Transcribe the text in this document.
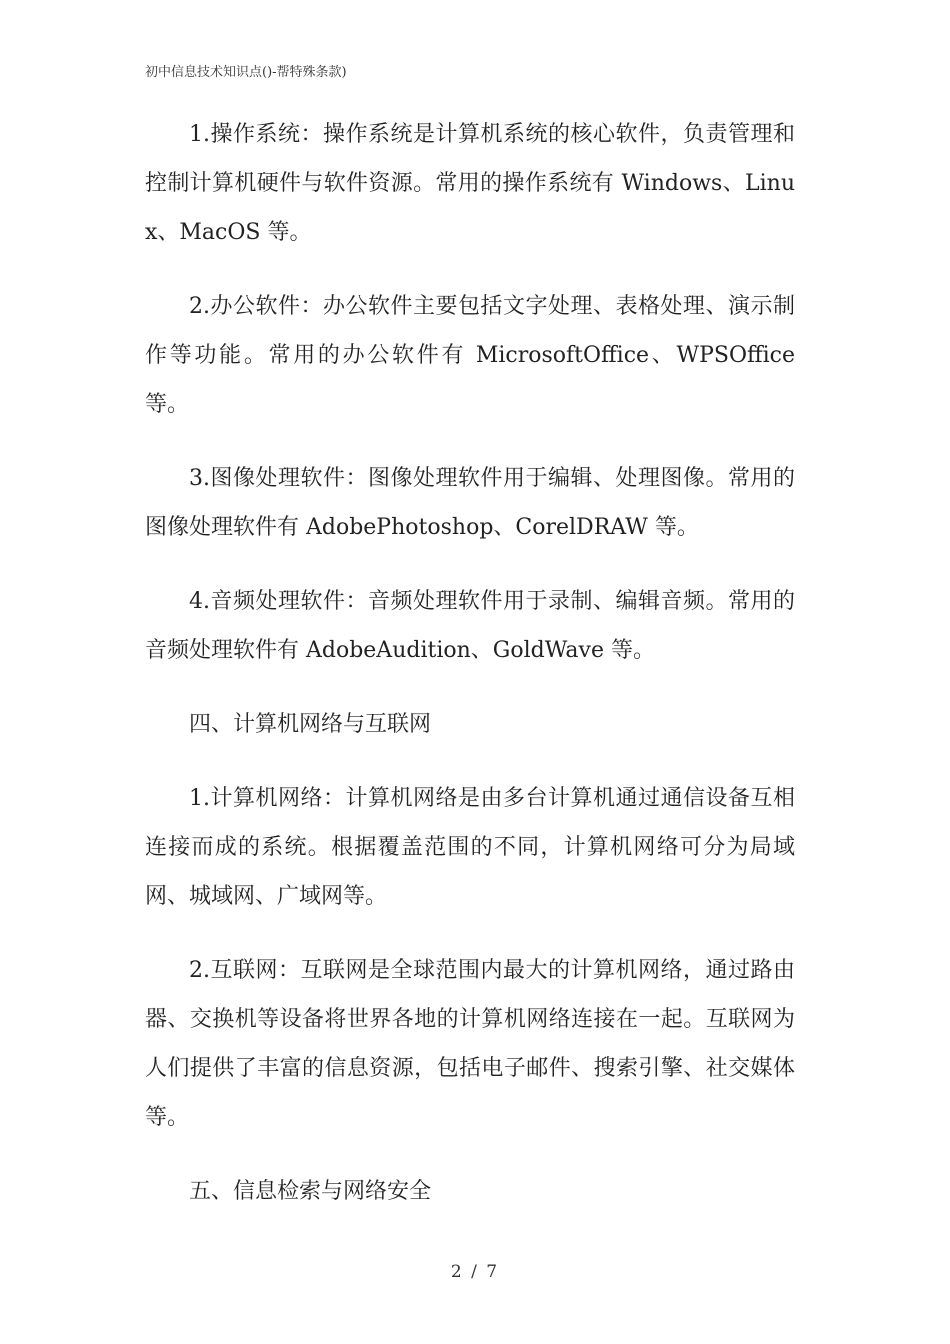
初中信息技术知识点()-帮特殊条款)

1.操作系统：操作系统是计算机系统的核心软件，负责管理和控制计算机硬件与软件资源。常用的操作系统有 Windows、Linux、MacOS 等。

2.办公软件：办公软件主要包括文字处理、表格处理、演示制作等功能。常用的办公软件有 MicrosoftOffice、WPSOffice 等。

3.图像处理软件：图像处理软件用于编辑、处理图像。常用的图像处理软件有 AdobePhotoshop、CorelDRAW 等。

4.音频处理软件：音频处理软件用于录制、编辑音频。常用的音频处理软件有 AdobeAudition、GoldWave 等。

四、计算机网络与互联网

1.计算机网络：计算机网络是由多台计算机通过通信设备互相连接而成的系统。根据覆盖范围的不同，计算机网络可分为局域网、城域网、广域网等。

2.互联网：互联网是全球范围内最大的计算机网络，通过路由器、交换机等设备将世界各地的计算机网络连接在一起。互联网为人们提供了丰富的信息资源，包括电子邮件、搜索引擎、社交媒体等。

五、信息检索与网络安全

2 / 7
